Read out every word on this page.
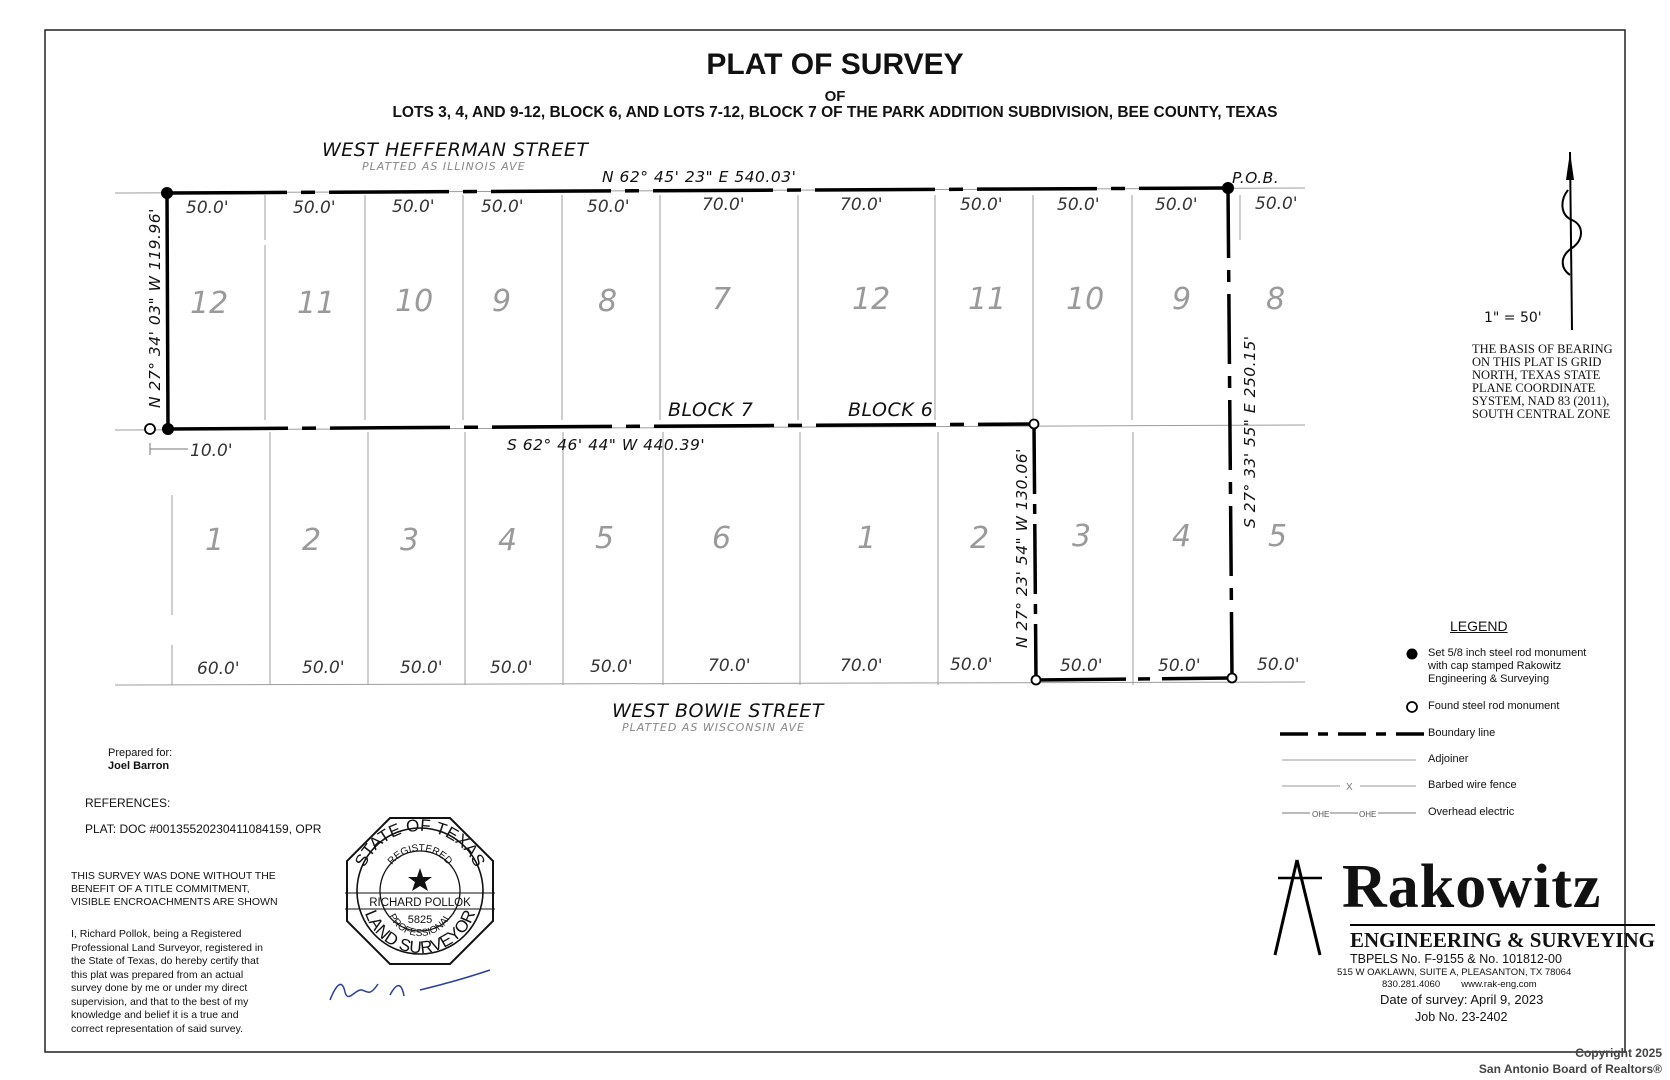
STATE OF TEXAS
LAND SURVEYOR
REGISTERED
PROFESSIONAL
RICHARD POLLOK
5825
PLAT OF SURVEY
OF
LOTS 3, 4, AND 9-12, BLOCK 6, AND LOTS 7-12, BLOCK 7 OF THE PARK ADDITION SUBDIVISION, BEE COUNTY, TEXAS
WEST HEFFERMAN STREET
PLATTED AS ILLINOIS AVE
WEST BOWIE STREET
PLATTED AS WISCONSIN AVE
N 62° 45' 23" E 540.03'
S 62° 46' 44" W 440.39'
P.O.B.
10.0'
N 27° 34' 03" W 119.96'
S 27° 33' 55" E 250.15'
N 27° 23' 54" W 130.06'
BLOCK 7	BLOCK 6
12 11 10 9	8	7	12	11 10 9 8
50.0'	50.0'	50.0'	50.0'	50.0'	70.0'	70.0'	50.0'	50.0'	50.0'	50.0'
1	2	3	4	5	6	1	2	3	4	5
60.0'	50.0'	50.0'	50.0'	50.0'	70.0'	70.0'	50.0'	50.0'	50.0'	50.0'
1" = 50'
X
OHE	OHE
THE BASIS OF BEARING
ON THIS PLAT IS GRID
NORTH, TEXAS STATE
PLANE COORDINATE
SYSTEM, NAD 83 (2011),
SOUTH CENTRAL ZONE
LEGEND
Set 5/8 inch steel rod monument
with cap stamped Rakowitz
Engineering & Surveying
Found steel rod monument
Boundary line
Adjoiner
Barbed wire fence
Overhead electric
Prepared for:
Joel Barron
REFERENCES:
PLAT: DOC #00135520230411084159, OPR
THIS SURVEY WAS DONE WITHOUT THE
BENEFIT OF A TITLE COMMITMENT,
VISIBLE ENCROACHMENTS ARE SHOWN
I, Richard Pollok, being a Registered
Professional Land Surveyor, registered in
the State of Texas, do hereby certify that
this plat was prepared from an actual
survey done by me or under my direct
supervision, and that to the best of my
knowledge and belief it is a true and
correct representation of said survey.
Rakowitz
ENGINEERING & SURVEYING
TBPELS No. F-9155 & No. 101812-00
515 W OAKLAWN, SUITE A, PLEASANTON, TX 78064
830.281.4060        www.rak-eng.com
Date of survey: April 9, 2023
Job No. 23-2402
Copyright 2025
San Antonio Board of Realtors®
